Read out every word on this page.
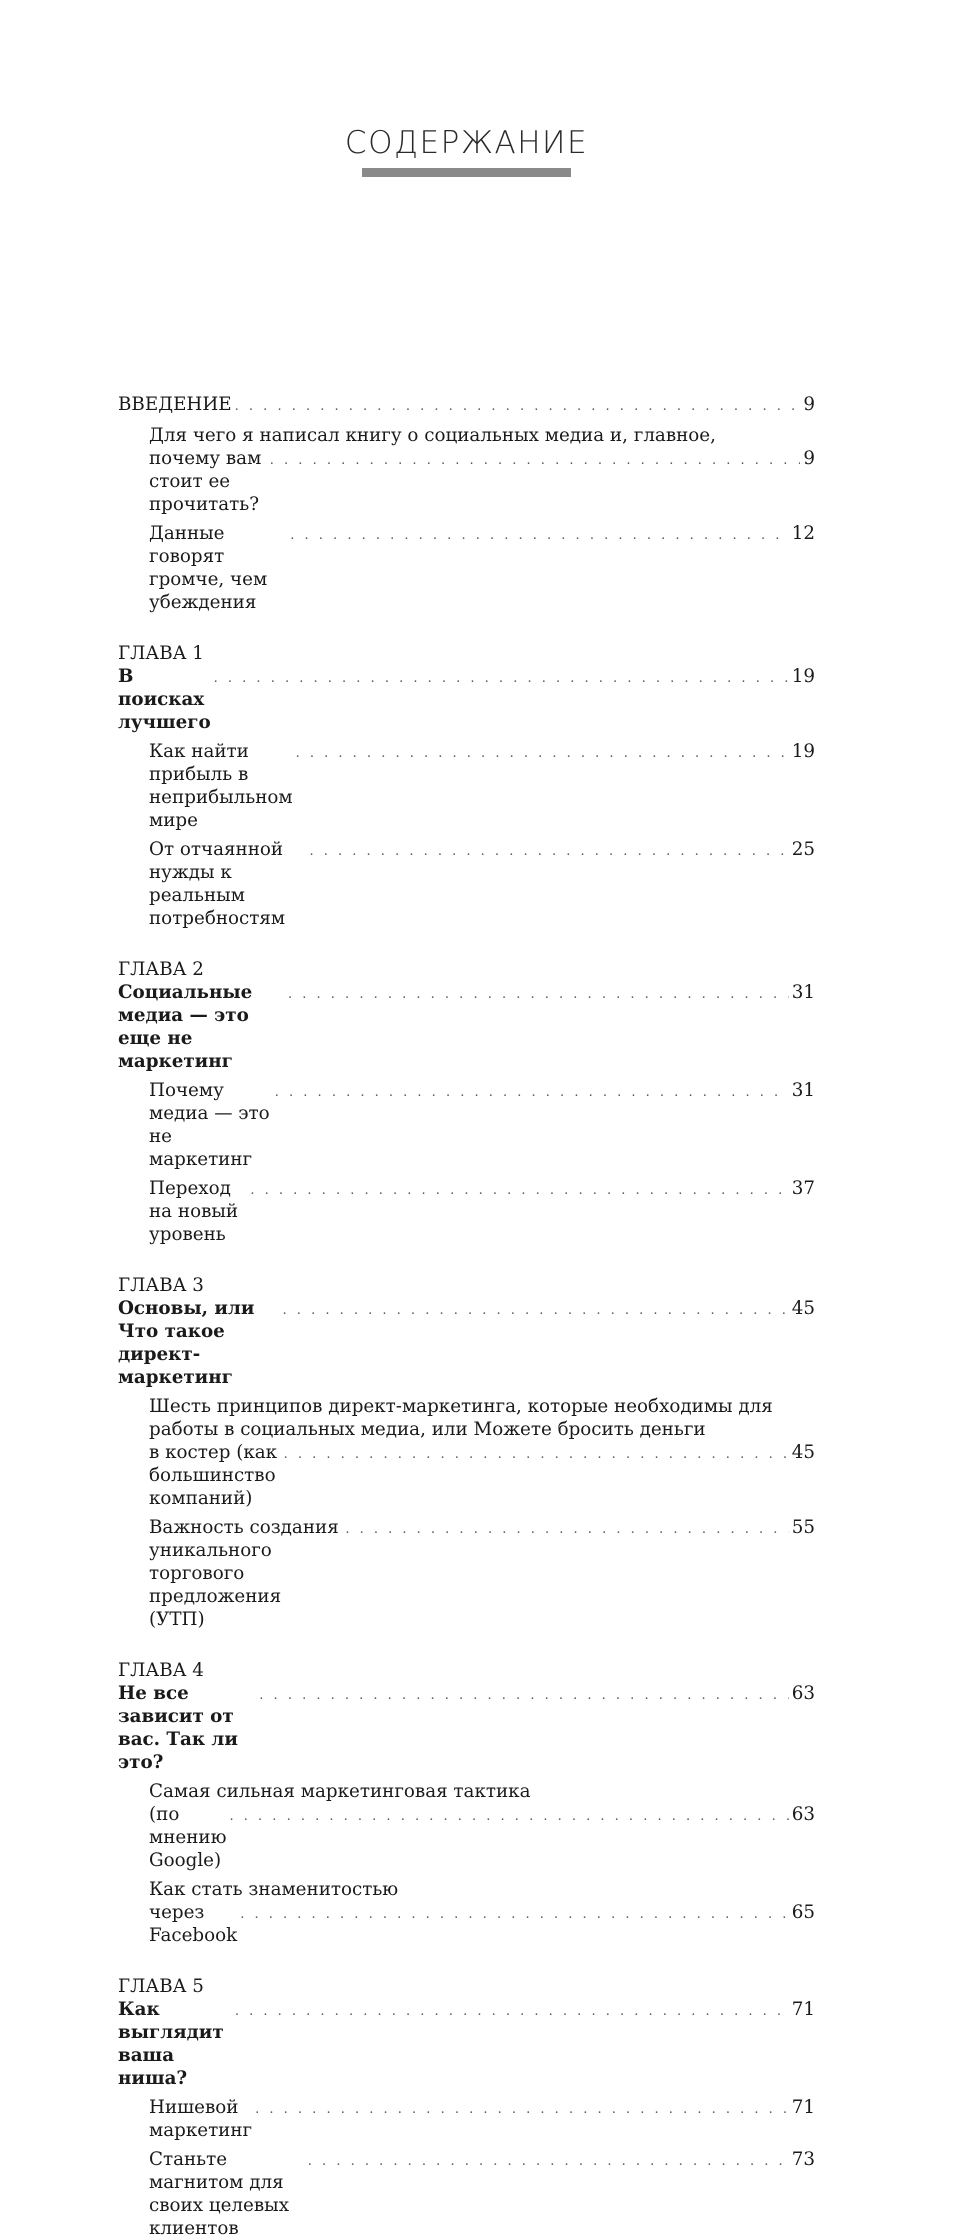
СОДЕРЖАНИЕ
ВВЕДЕНИЕ
. . .	9
Для чего я написал книгу о социальных медиа и, главное,
почему вам стоит ее прочитать?
. . .
9
Данные говорят громче, чем убеждения
. . .
12
ГЛАВА 1
В поисках лучшего
. . .
19
Как найти прибыль в неприбыльном мире
. . .
19
От отчаянной нужды к реальным потребностям
. . .
25
ГЛАВА 2
Социальные медиа — это еще не маркетинг
. . .
31
Почему медиа — это не маркетинг
. . .
31
Переход на новый уровень
. . .
37
ГЛАВА 3
Основы, или Что такое директ-маркетинг
. . .
45
Шесть принципов директ-маркетинга, которые необходимы для
работы в социальных медиа, или Можете бросить деньги
в костер (как большинство компаний)
. . .
45
Важность создания уникального торгового предложения (УТП)
. . .
55
ГЛАВА 4
Не все зависит от вас. Так ли это?
. . .
63
Самая сильная маркетинговая тактика
(по мнению Google)
. . .
63
Как стать знаменитостью
через Facebook
. . .
65
ГЛАВА 5
Как выглядит ваша ниша?
. . .
71
Нишевой маркетинг
. . .
71
Станьте магнитом для своих целевых клиентов
. . .
73
